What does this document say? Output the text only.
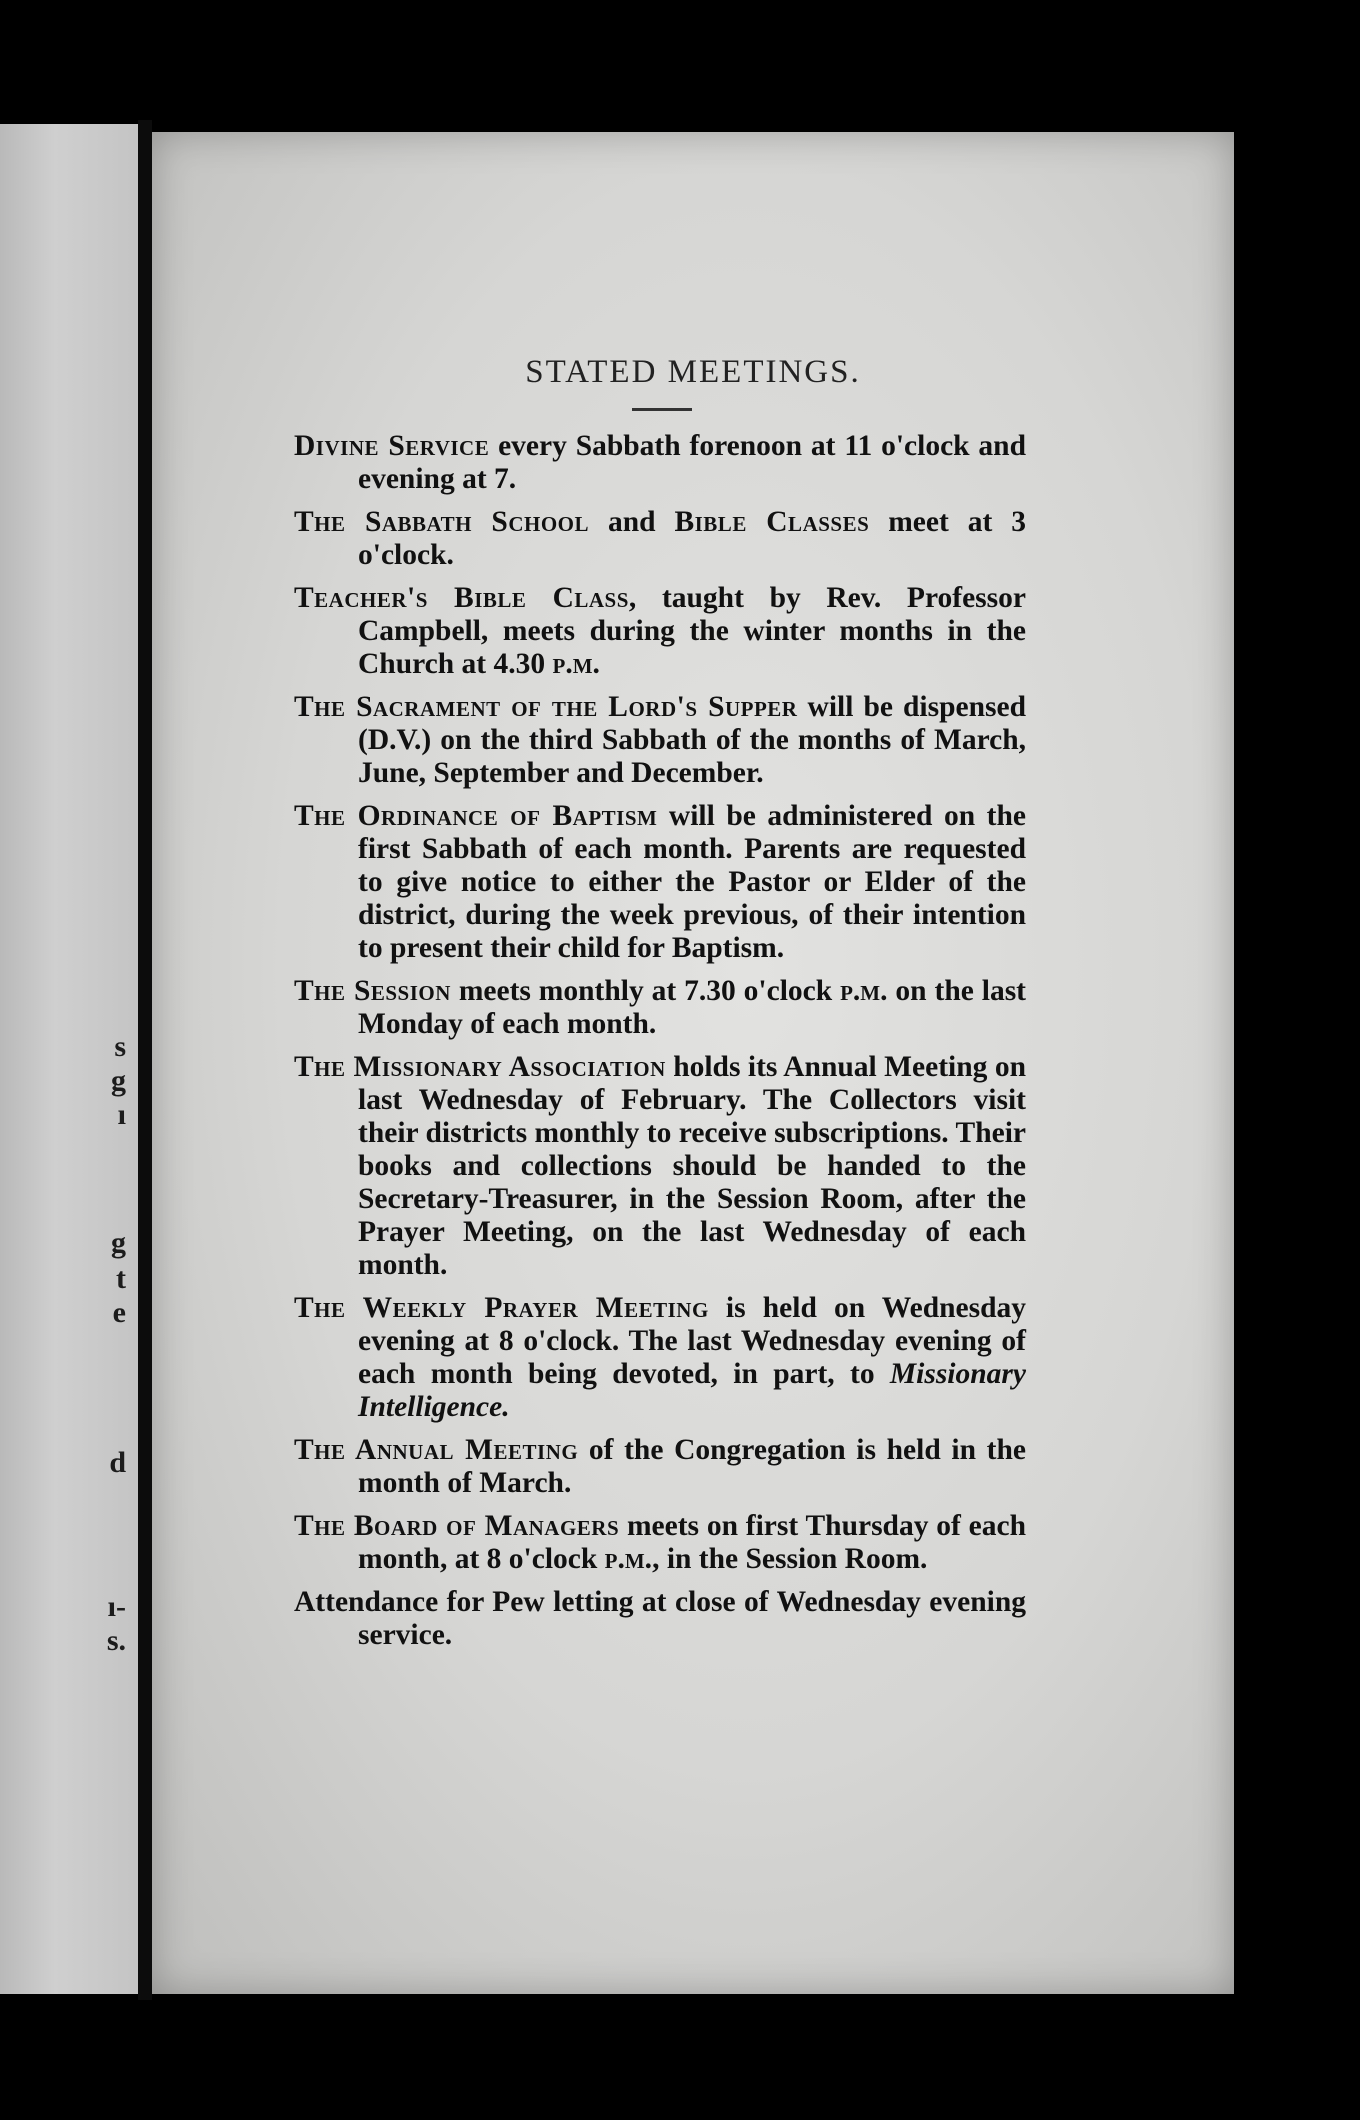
s
g
ı
g
t
e
d
ı-
s.
STATED MEETINGS.

Divine Service every Sabbath forenoon at 11 o'clock and evening at 7.

The Sabbath School and Bible Classes meet at 3 o'clock.

Teacher's Bible Class, taught by Rev. Professor Campbell, meets during the winter months in the Church at 4.30 p.m.

The Sacrament of the Lord's Supper will be dispensed (D.V.) on the third Sabbath of the months of March, June, September and December.

The Ordinance of Baptism will be administered on the first Sabbath of each month. Parents are requested to give notice to either the Pastor or Elder of the district, during the week previous, of their intention to present their child for Baptism.

The Session meets monthly at 7.30 o'clock p.m. on the last Monday of each month.

The Missionary Association holds its Annual Meeting on last Wednesday of February. The Collectors visit their districts monthly to receive subscriptions. Their books and collections should be handed to the Secretary-Treasurer, in the Session Room, after the Prayer Meeting, on the last Wednesday of each month.

The Weekly Prayer Meeting is held on Wednesday evening at 8 o'clock. The last Wednesday evening of each month being devoted, in part, to Missionary Intelligence.

The Annual Meeting of the Congregation is held in the month of March.

The Board of Managers meets on first Thursday of each month, at 8 o'clock p.m., in the Session Room.

Attendance for Pew letting at close of Wednesday evening service.
